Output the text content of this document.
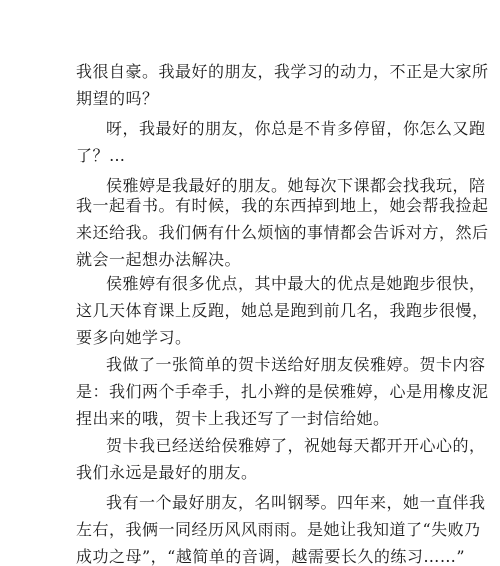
我很自豪。我最好的朋友，我学习的动力，不正是大家所
期望的吗？
呀，我最好的朋友，你总是不肯多停留，你怎么又跑
了？…
侯雅婷是我最好的朋友。她每次下课都会找我玩，陪
我一起看书。有时候，我的东西掉到地上，她会帮我捡起
来还给我。我们俩有什么烦恼的事情都会告诉对方，然后
就会一起想办法解决。
侯雅婷有很多优点，其中最大的优点是她跑步很快，
这几天体育课上反跑，她总是跑到前几名，我跑步很慢，
要多向她学习。
我做了一张简单的贺卡送给好朋友侯雅婷。贺卡内容
是：我们两个手牵手，扎小辫的是侯雅婷，心是用橡皮泥
捏出来的哦，贺卡上我还写了一封信给她。
贺卡我已经送给侯雅婷了，祝她每天都开开心心的，
我们永远是最好的朋友。
我有一个最好朋友，名叫钢琴。四年来，她一直伴我
左右，我俩一同经历风风雨雨。是她让我知道了“失败乃
成功之母”，“越简单的音调，越需要长久的练习……”
